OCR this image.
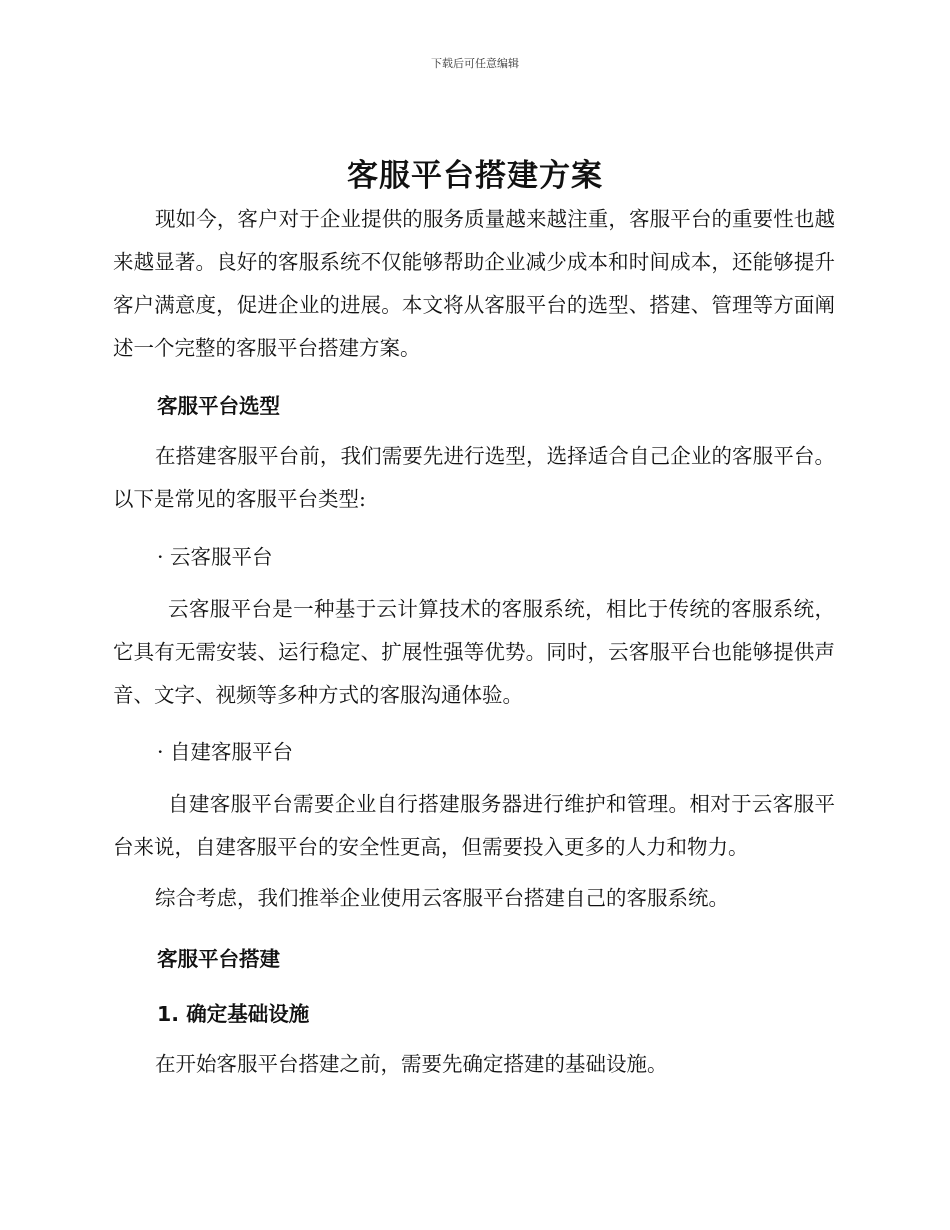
下载后可任意编辑
客服平台搭建方案

现如今，客户对于企业提供的服务质量越来越注重，客服平台的重要性也越来越显著。良好的客服系统不仅能够帮助企业减少成本和时间成本，还能够提升客户满意度，促进企业的进展。本文将从客服平台的选型、搭建、管理等方面阐述一个完整的客服平台搭建方案。

客服平台选型

在搭建客服平台前，我们需要先进行选型，选择适合自己企业的客服平台。以下是常见的客服平台类型:

· 云客服平台

云客服平台是一种基于云计算技术的客服系统，相比于传统的客服系统，它具有无需安装、运行稳定、扩展性强等优势。同时，云客服平台也能够提供声音、文字、视频等多种方式的客服沟通体验。

· 自建客服平台

自建客服平台需要企业自行搭建服务器进行维护和管理。相对于云客服平台来说，自建客服平台的安全性更高，但需要投入更多的人力和物力。

综合考虑，我们推举企业使用云客服平台搭建自己的客服系统。

客服平台搭建
1. 确定基础设施

在开始客服平台搭建之前，需要先确定搭建的基础设施。
